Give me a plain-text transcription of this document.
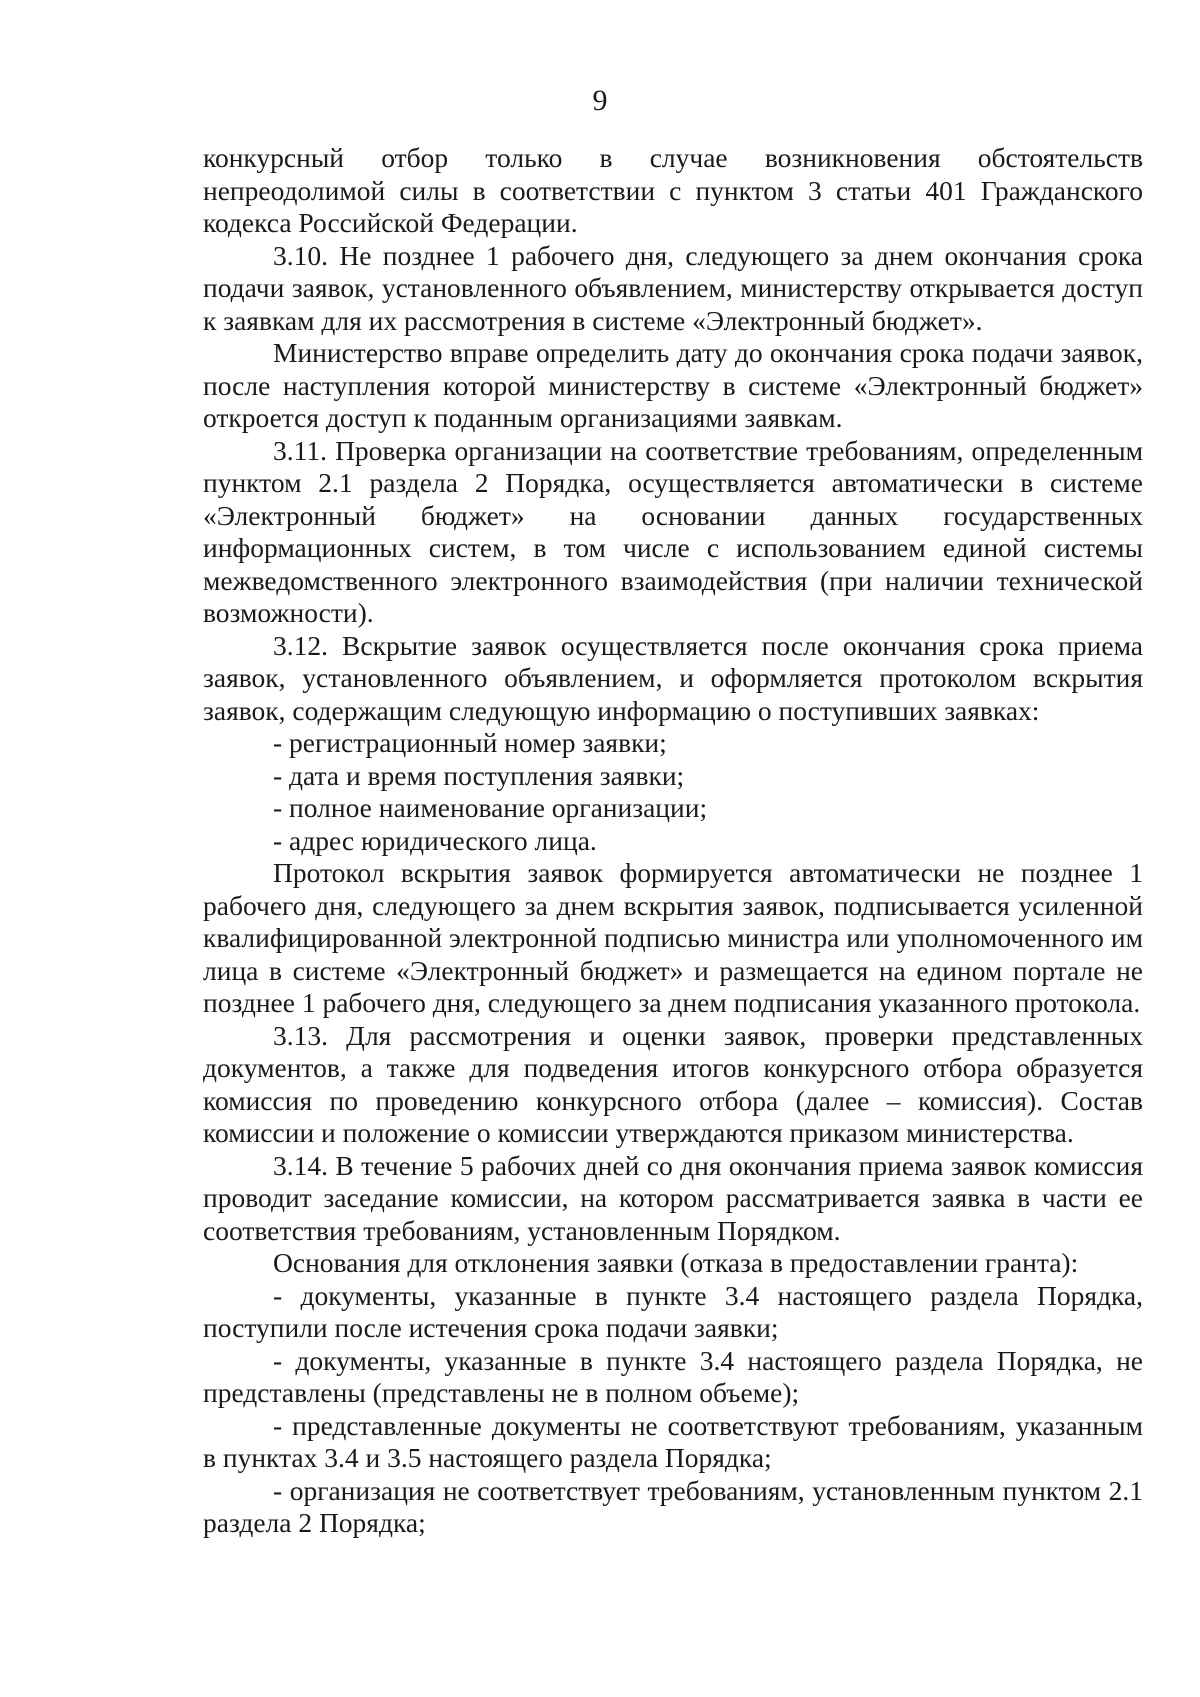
9

конкурсный отбор только в случае возникновения обстоятельств непреодолимой силы в соответствии с пунктом 3 статьи 401 Гражданского кодекса Российской Федерации.

3.10. Не позднее 1 рабочего дня, следующего за днем окончания срока подачи заявок, установленного объявлением, министерству открывается доступ к заявкам для их рассмотрения в системе «Электронный бюджет».

Министерство вправе определить дату до окончания срока подачи заявок, после наступления которой министерству в системе «Электронный бюджет» откроется доступ к поданным организациями заявкам.

3.11. Проверка организации на соответствие требованиям, определенным пунктом 2.1 раздела 2 Порядка, осуществляется автоматически в системе «Электронный бюджет» на основании данных государственных информационных систем, в том числе с использованием единой системы межведомственного электронного взаимодействия (при наличии технической возможности).

3.12. Вскрытие заявок осуществляется после окончания срока приема заявок, установленного объявлением, и оформляется протоколом вскрытия заявок, содержащим следующую информацию о поступивших заявках:

- регистрационный номер заявки;

- дата и время поступления заявки;

- полное наименование организации;

- адрес юридического лица.

Протокол вскрытия заявок формируется автоматически не позднее 1 рабочего дня, следующего за днем вскрытия заявок, подписывается усиленной квалифицированной электронной подписью министра или уполномоченного им лица в системе «Электронный бюджет» и размещается на едином портале не позднее 1 рабочего дня, следующего за днем подписания указанного протокола.

3.13. Для рассмотрения и оценки заявок, проверки представленных документов, а также для подведения итогов конкурсного отбора образуется комиссия по проведению конкурсного отбора (далее – комиссия). Состав комиссии и положение о комиссии утверждаются приказом министерства.

3.14. В течение 5 рабочих дней со дня окончания приема заявок комиссия проводит заседание комиссии, на котором рассматривается заявка в части ее соответствия требованиям, установленным Порядком.

Основания для отклонения заявки (отказа в предоставлении гранта):

- документы, указанные в пункте 3.4 настоящего раздела Порядка, поступили после истечения срока подачи заявки;

- документы, указанные в пункте 3.4 настоящего раздела Порядка, не представлены (представлены не в полном объеме);

- представленные документы не соответствуют требованиям, указанным в пунктах 3.4 и 3.5 настоящего раздела Порядка;

- организация не соответствует требованиям, установленным пунктом 2.1 раздела 2 Порядка;
